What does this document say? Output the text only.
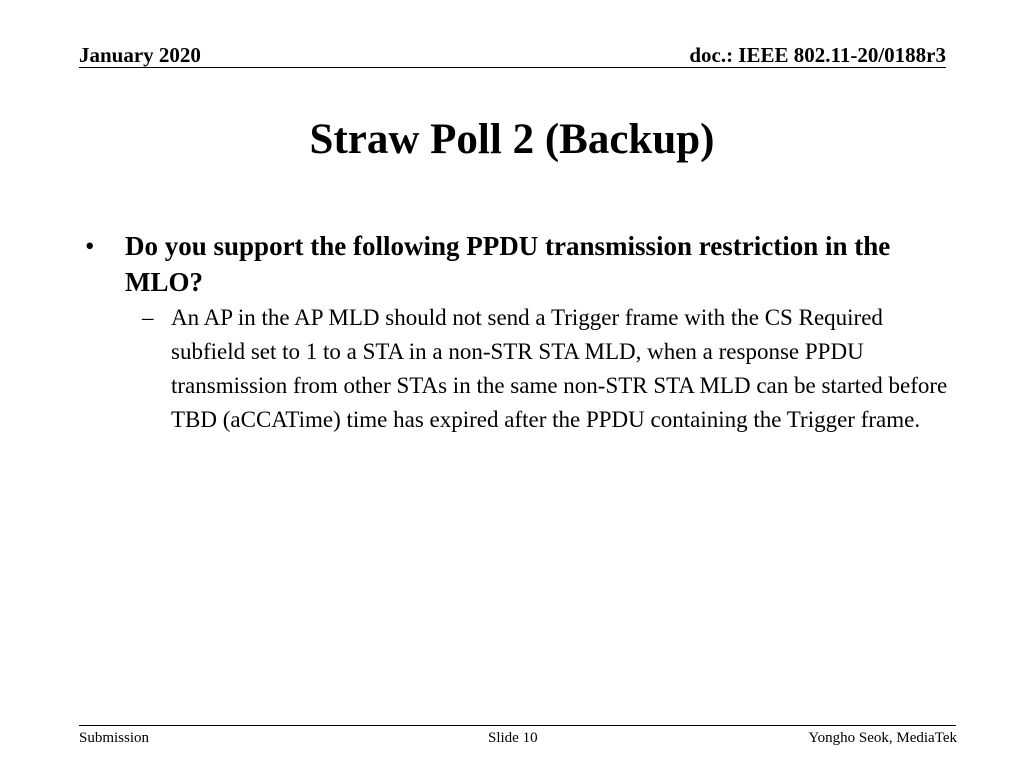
January 2020	doc.: IEEE 802.11-20/0188r3
Straw Poll 2 (Backup)
• Do you support the following PPDU transmission restriction in the MLO?
– An AP in the AP MLD should not send a Trigger frame with the CS Required subfield set to 1 to a STA in a non-STR STA MLD, when a response PPDU transmission from other STAs in the same non-STR STA MLD can be started before TBD (aCCATime) time has expired after the PPDU containing the Trigger frame.
Submission	Slide 10	Yongho Seok, MediaTek
